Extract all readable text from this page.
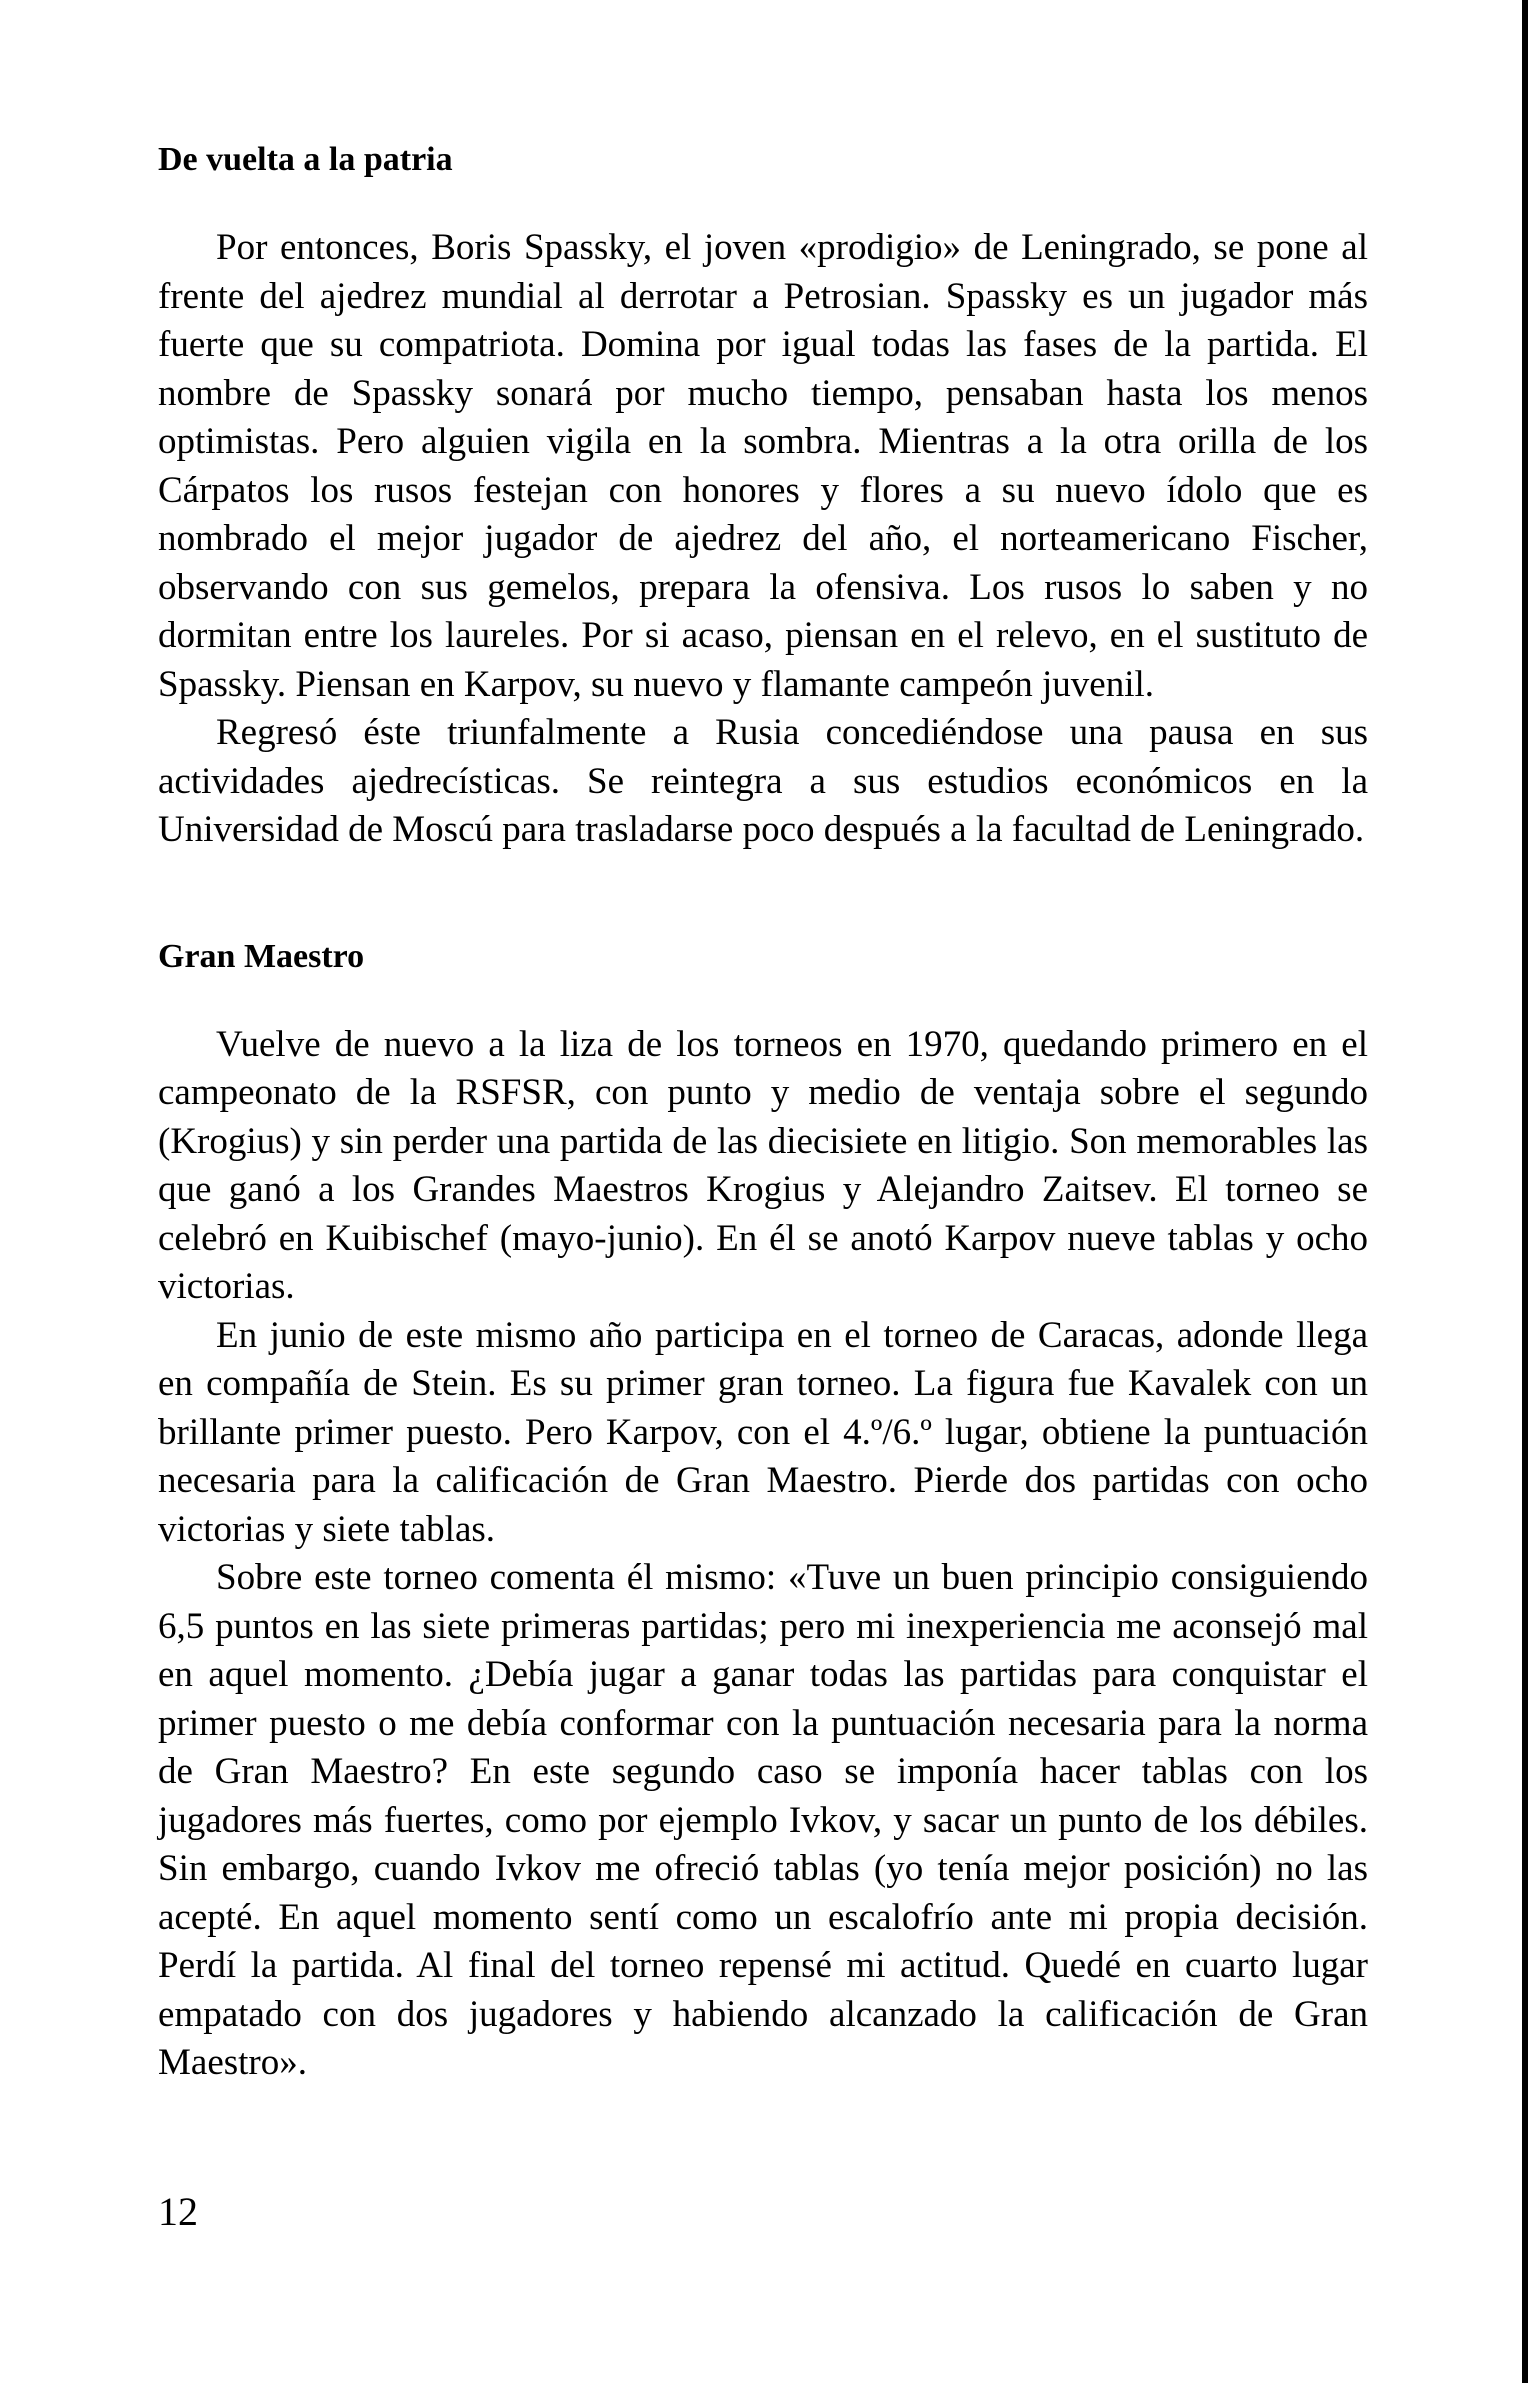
De vuelta a la patria

Por entonces, Boris Spassky, el joven «prodigio» de Leningrado, se pone al frente del ajedrez mundial al derrotar a Petrosian. Spassky es un jugador más fuerte que su compatriota. Domina por igual todas las fases de la partida. El nombre de Spassky sonará por mucho tiempo, pensaban hasta los menos optimistas. Pero alguien vigila en la sombra. Mientras a la otra orilla de los Cárpatos los rusos festejan con honores y flores a su nuevo ídolo que es nombrado el mejor jugador de ajedrez del año, el norteamericano Fischer, observando con sus gemelos, prepara la ofensiva. Los rusos lo saben y no dormitan entre los laureles. Por si acaso, piensan en el relevo, en el sustituto de Spassky. Piensan en Karpov, su nuevo y flamante campeón juvenil.

Regresó éste triunfalmente a Rusia concediéndose una pausa en sus actividades ajedrecísticas. Se reintegra a sus estudios económicos en la Universidad de Moscú para trasladarse poco después a la facultad de Leningrado.

Gran Maestro

Vuelve de nuevo a la liza de los torneos en 1970, quedando primero en el campeonato de la RSFSR, con punto y medio de ventaja sobre el segundo (Krogius) y sin perder una partida de las diecisiete en litigio. Son memorables las que ganó a los Grandes Maestros Krogius y Alejandro Zaitsev. El torneo se celebró en Kuibischef (mayo-junio). En él se anotó Karpov nueve tablas y ocho victorias.

En junio de este mismo año participa en el torneo de Caracas, adonde llega en compañía de Stein. Es su primer gran torneo. La figura fue Kavalek con un brillante primer puesto. Pero Karpov, con el 4.º/6.º lugar, obtiene la puntuación necesaria para la calificación de Gran Maestro. Pierde dos partidas con ocho victorias y siete tablas.

Sobre este torneo comenta él mismo: «Tuve un buen principio consiguiendo 6,5 puntos en las siete primeras partidas; pero mi inexperiencia me aconsejó mal en aquel momento. ¿Debía jugar a ganar todas las partidas para conquistar el primer puesto o me debía conformar con la puntuación necesaria para la norma de Gran Maestro? En este segundo caso se imponía hacer tablas con los jugadores más fuertes, como por ejemplo Ivkov, y sacar un punto de los débiles. Sin embargo, cuando Ivkov me ofreció tablas (yo tenía mejor posición) no las acepté. En aquel momento sentí como un escalofrío ante mi propia decisión. Perdí la partida. Al final del torneo repensé mi actitud. Quedé en cuarto lugar empatado con dos jugadores y habiendo alcanzado la calificación de Gran Maestro».

12
